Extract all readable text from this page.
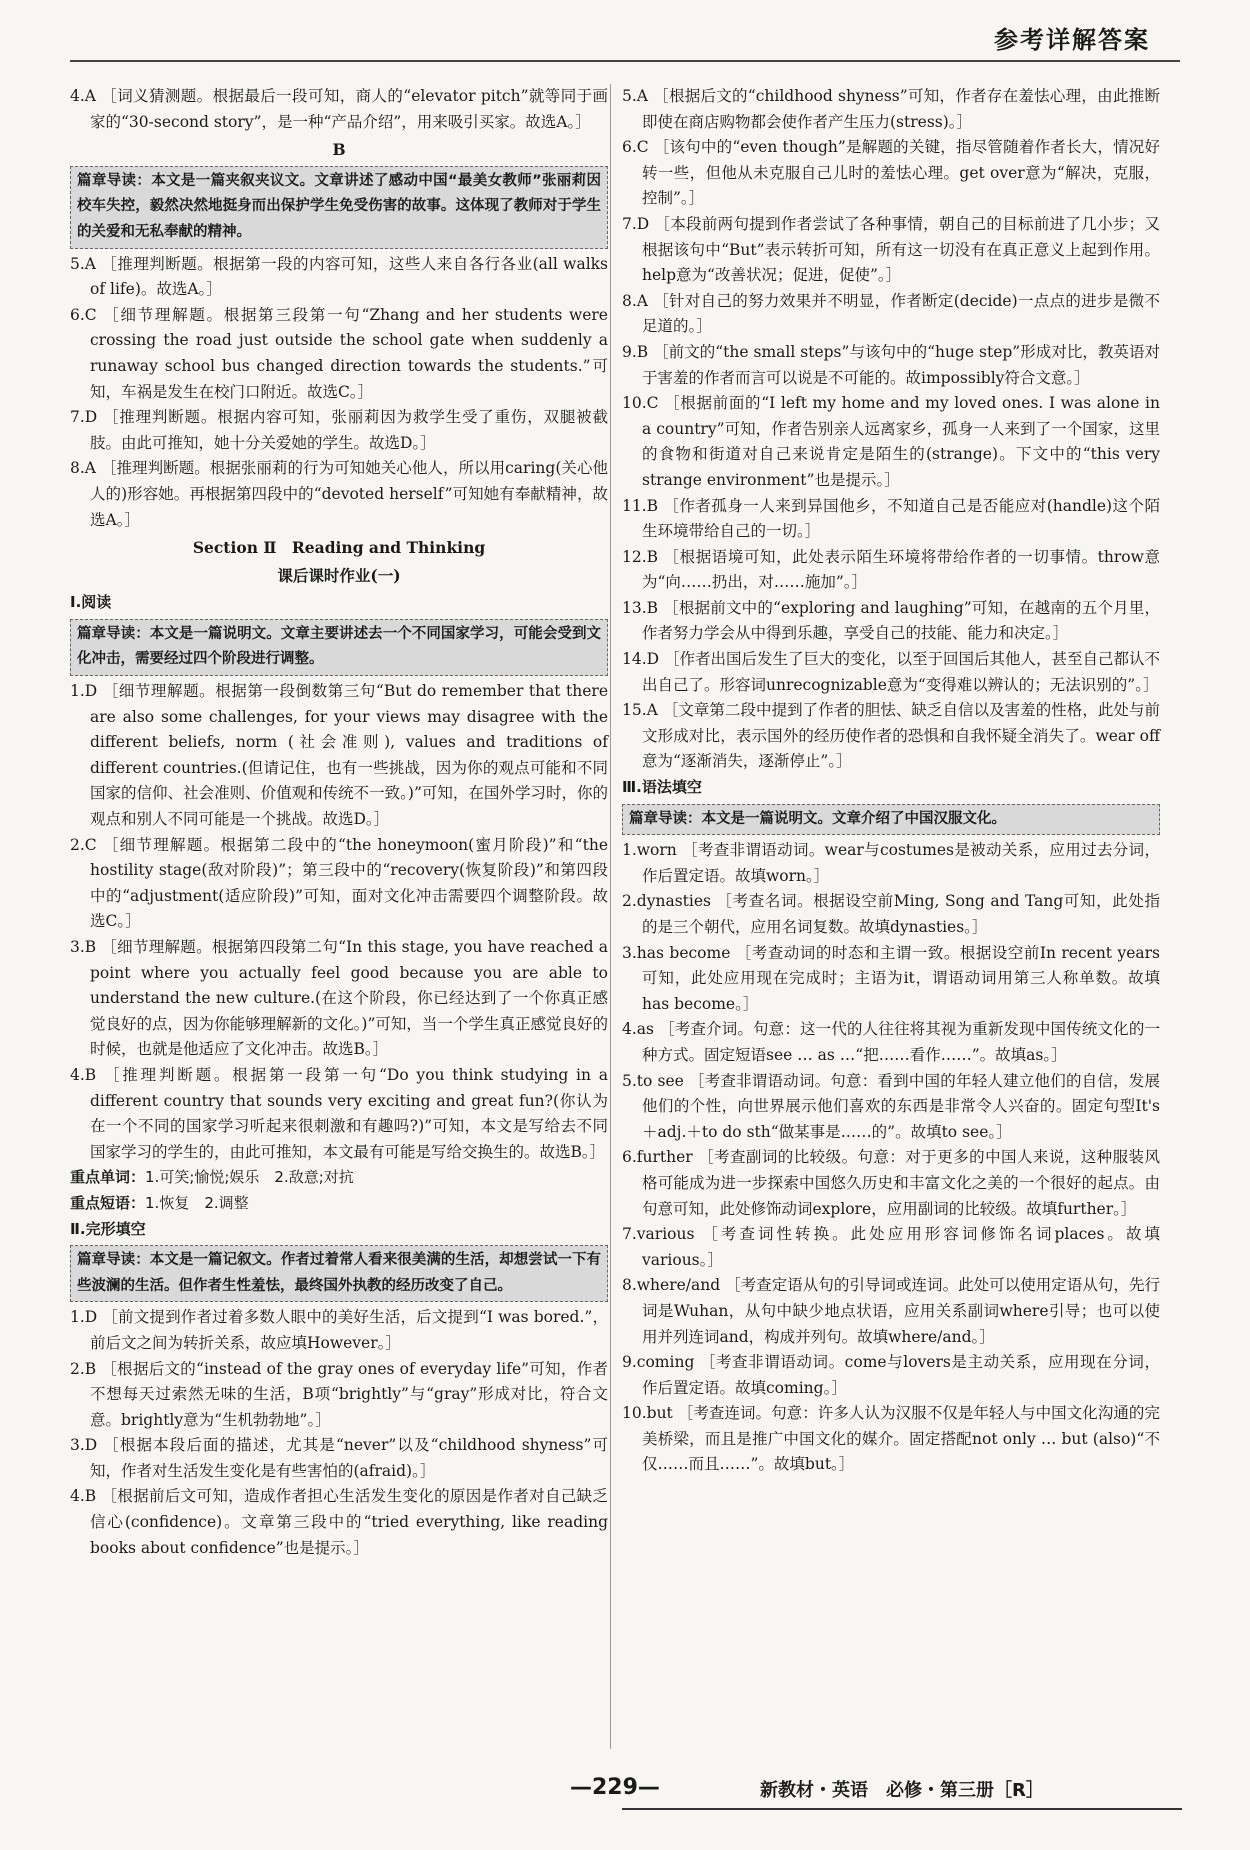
参考详解答案

4.A ［词义猜测题。根据最后一段可知，商人的“elevator pitch”就等同于画家的“30-second story”，是一种“产品介绍”，用来吸引买家。故选A。］

B

篇章导读：本文是一篇夹叙夹议文。文章讲述了感动中国“最美女教师”张丽莉因校车失控，毅然决然地挺身而出保护学生免受伤害的故事。这体现了教师对于学生的关爱和无私奉献的精神。

5.A ［推理判断题。根据第一段的内容可知，这些人来自各行各业(all walks of life)。故选A。］

6.C ［细节理解题。根据第三段第一句“Zhang and her students were crossing the road just outside the school gate when suddenly a runaway school bus changed direction towards the students.”可知，车祸是发生在校门口附近。故选C。］

7.D ［推理判断题。根据内容可知，张丽莉因为救学生受了重伤，双腿被截肢。由此可推知，她十分关爱她的学生。故选D。］

8.A ［推理判断题。根据张丽莉的行为可知她关心他人，所以用caring(关心他人的)形容她。再根据第四段中的“devoted herself”可知她有奉献精神，故选A。］

Section Ⅱ　Reading and Thinking

课后课时作业(一)

Ⅰ.阅读

篇章导读：本文是一篇说明文。文章主要讲述去一个不同国家学习，可能会受到文化冲击，需要经过四个阶段进行调整。

1.D ［细节理解题。根据第一段倒数第三句“But do remember that there are also some challenges, for your views may disagree with the different beliefs, norm (社会准则), values and traditions of different countries.(但请记住，也有一些挑战，因为你的观点可能和不同国家的信仰、社会准则、价值观和传统不一致。)”可知，在国外学习时，你的观点和别人不同可能是一个挑战。故选D。］

2.C ［细节理解题。根据第二段中的“the honeymoon(蜜月阶段)”和“the hostility stage(敌对阶段)”；第三段中的“recovery(恢复阶段)”和第四段中的“adjustment(适应阶段)”可知，面对文化冲击需要四个调整阶段。故选C。］

3.B ［细节理解题。根据第四段第二句“In this stage, you have reached a point where you actually feel good because you are able to understand the new culture.(在这个阶段，你已经达到了一个你真正感觉良好的点，因为你能够理解新的文化。)”可知，当一个学生真正感觉良好的时候，也就是他适应了文化冲击。故选B。］

4.B ［推理判断题。根据第一段第一句“Do you think studying in a different country that sounds very exciting and great fun?(你认为在一个不同的国家学习听起来很刺激和有趣吗?)”可知，本文是写给去不同国家学习的学生的，由此可推知，本文最有可能是写给交换生的。故选B。］

重点单词：1.可笑;愉悦;娱乐　2.敌意;对抗

重点短语：1.恢复　2.调整

Ⅱ.完形填空

篇章导读：本文是一篇记叙文。作者过着常人看来很美满的生活，却想尝试一下有些波澜的生活。但作者生性羞怯，最终国外执教的经历改变了自己。

1.D ［前文提到作者过着多数人眼中的美好生活，后文提到“I was bored.”，前后文之间为转折关系，故应填However。］

2.B ［根据后文的“instead of the gray ones of everyday life”可知，作者不想每天过索然无味的生活，B项“brightly”与“gray”形成对比，符合文意。brightly意为“生机勃勃地”。］

3.D ［根据本段后面的描述，尤其是“never”以及“childhood shyness”可知，作者对生活发生变化是有些害怕的(afraid)。］

4.B ［根据前后文可知，造成作者担心生活发生变化的原因是作者对自己缺乏信心(confidence)。文章第三段中的“tried everything, like reading books about confidence”也是提示。］

5.A ［根据后文的“childhood shyness”可知，作者存在羞怯心理，由此推断即使在商店购物都会使作者产生压力(stress)。］

6.C ［该句中的“even though”是解题的关键，指尽管随着作者长大，情况好转一些，但他从未克服自己儿时的羞怯心理。get over意为“解决，克服，控制”。］

7.D ［本段前两句提到作者尝试了各种事情，朝自己的目标前进了几小步；又根据该句中“But”表示转折可知，所有这一切没有在真正意义上起到作用。help意为“改善状况；促进，促使”。］

8.A ［针对自己的努力效果并不明显，作者断定(decide)一点点的进步是微不足道的。］

9.B ［前文的“the small steps”与该句中的“huge step”形成对比，教英语对于害羞的作者而言可以说是不可能的。故impossibly符合文意。］

10.C ［根据前面的“I left my home and my loved ones. I was alone in a country”可知，作者告别亲人远离家乡，孤身一人来到了一个国家，这里的食物和街道对自己来说肯定是陌生的(strange)。下文中的“this very strange environment”也是提示。］

11.B ［作者孤身一人来到异国他乡，不知道自己是否能应对(handle)这个陌生环境带给自己的一切。］

12.B ［根据语境可知，此处表示陌生环境将带给作者的一切事情。throw意为“向……扔出，对……施加”。］

13.B ［根据前文中的“exploring and laughing”可知，在越南的五个月里，作者努力学会从中得到乐趣，享受自己的技能、能力和决定。］

14.D ［作者出国后发生了巨大的变化，以至于回国后其他人，甚至自己都认不出自己了。形容词unrecognizable意为“变得难以辨认的；无法识别的”。］

15.A ［文章第二段中提到了作者的胆怯、缺乏自信以及害羞的性格，此处与前文形成对比，表示国外的经历使作者的恐惧和自我怀疑全消失了。wear off意为“逐渐消失，逐渐停止”。］

Ⅲ.语法填空

篇章导读：本文是一篇说明文。文章介绍了中国汉服文化。

1.worn ［考查非谓语动词。wear与costumes是被动关系，应用过去分词，作后置定语。故填worn。］

2.dynasties ［考查名词。根据设空前Ming, Song and Tang可知，此处指的是三个朝代，应用名词复数。故填dynasties。］

3.has become ［考查动词的时态和主谓一致。根据设空前In recent years可知，此处应用现在完成时；主语为it，谓语动词用第三人称单数。故填has become。］

4.as ［考查介词。句意：这一代的人往往将其视为重新发现中国传统文化的一种方式。固定短语see … as …“把……看作……”。故填as。］

5.to see ［考查非谓语动词。句意：看到中国的年轻人建立他们的自信，发展他们的个性，向世界展示他们喜欢的东西是非常令人兴奋的。固定句型It's＋adj.＋to do sth“做某事是……的”。故填to see。］

6.further ［考查副词的比较级。句意：对于更多的中国人来说，这种服装风格可能成为进一步探索中国悠久历史和丰富文化之美的一个很好的起点。由句意可知，此处修饰动词explore，应用副词的比较级。故填further。］

7.various ［考查词性转换。此处应用形容词修饰名词places。故填various。］

8.where/and ［考查定语从句的引导词或连词。此处可以使用定语从句，先行词是Wuhan，从句中缺少地点状语，应用关系副词where引导；也可以使用并列连词and，构成并列句。故填where/and。］

9.coming ［考查非谓语动词。come与lovers是主动关系，应用现在分词，作后置定语。故填coming。］

10.but ［考查连词。句意：许多人认为汉服不仅是年轻人与中国文化沟通的完美桥梁，而且是推广中国文化的媒介。固定搭配not only … but (also)“不仅……而且……”。故填but。］

—229—	新教材・英语　必修・第三册［R］
